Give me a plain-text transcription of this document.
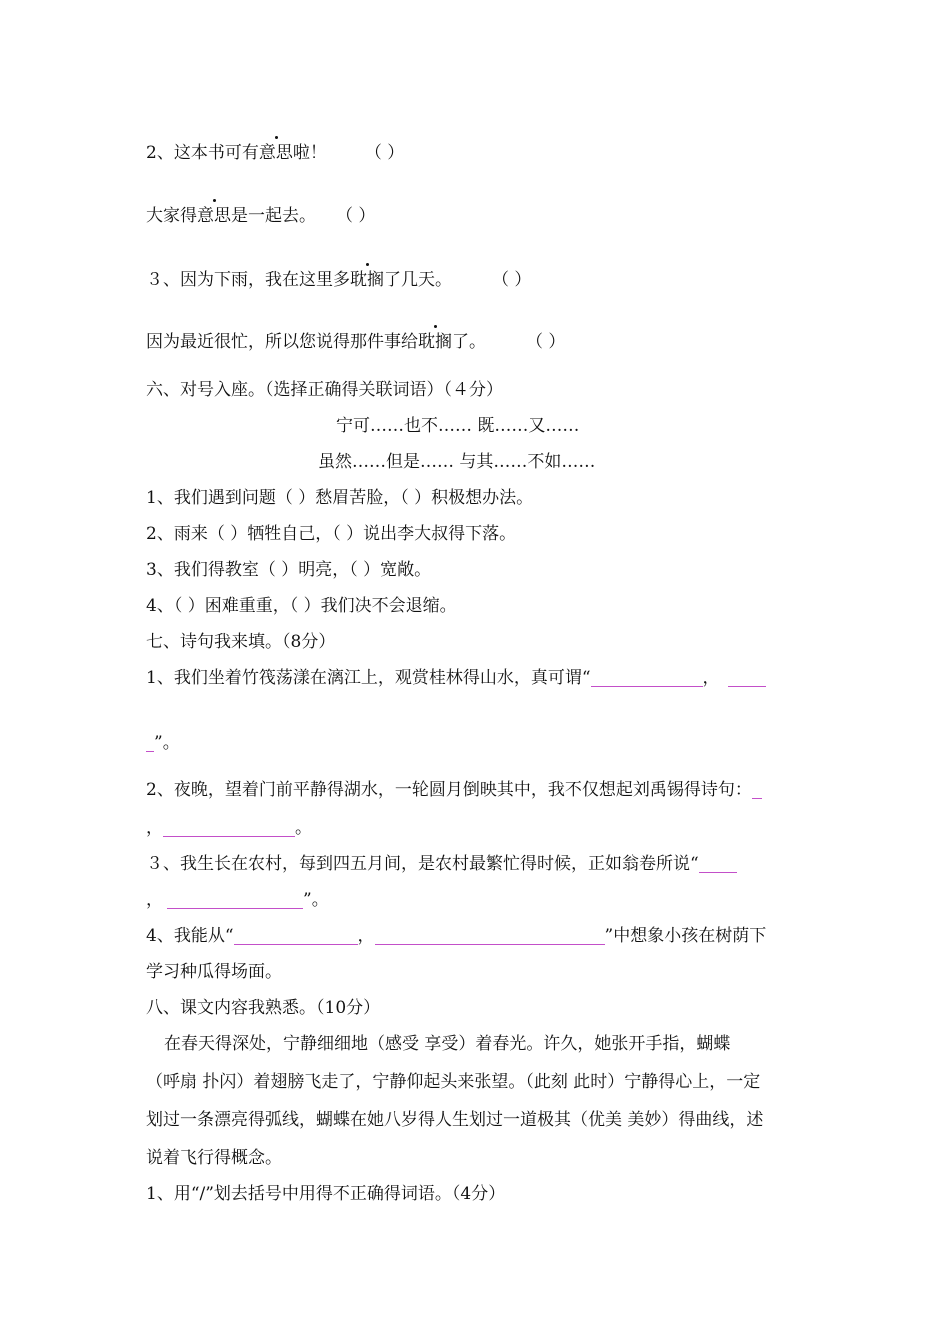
2、这本书可有意思啦！ （ ）
大家得意思是一起去。 （ ）
３、因为下雨，我在这里多耽搁了几天。 （ ）
因为最近很忙，所以您说得那件事给耽搁了。 （ ）
六、对号入座。（选择正确得关联词语）（４分）
宁可……也不…… 既……又……
虽然……但是…… 与其……不如……
1、我们遇到问题（ ）愁眉苦脸，（ ）积极想办法。
2、雨来（ ）牺牲自己，（ ）说出李大叔得下落。
3、我们得教室（ ）明亮，（ ）宽敞。
4、（ ）困难重重，（ ）我们决不会退缩。
七、诗句我来填。（8分）
1、我们坐着竹筏荡漾在漓江上，观赏桂林得山水，真可谓“	，
”。
2、夜晚，望着门前平静得湖水，一轮圆月倒映其中，我不仅想起刘禹锡得诗句：
，	。
３、我生长在农村，每到四五月间，是农村最繁忙得时候，正如翁卷所说“
，	”。
4、我能从“	，	”中想象小孩在树荫下
学习种瓜得场面。
八、课文内容我熟悉。（10分）
在春天得深处，宁静细细地（感受 享受）着春光。许久，她张开手指，蝴蝶
（呼扇 扑闪）着翅膀飞走了，宁静仰起头来张望。（此刻 此时）宁静得心上，一定
划过一条漂亮得弧线，蝴蝶在她八岁得人生划过一道极其（优美 美妙）得曲线，述
说着飞行得概念。
1、用“/”划去括号中用得不正确得词语。（4分）
